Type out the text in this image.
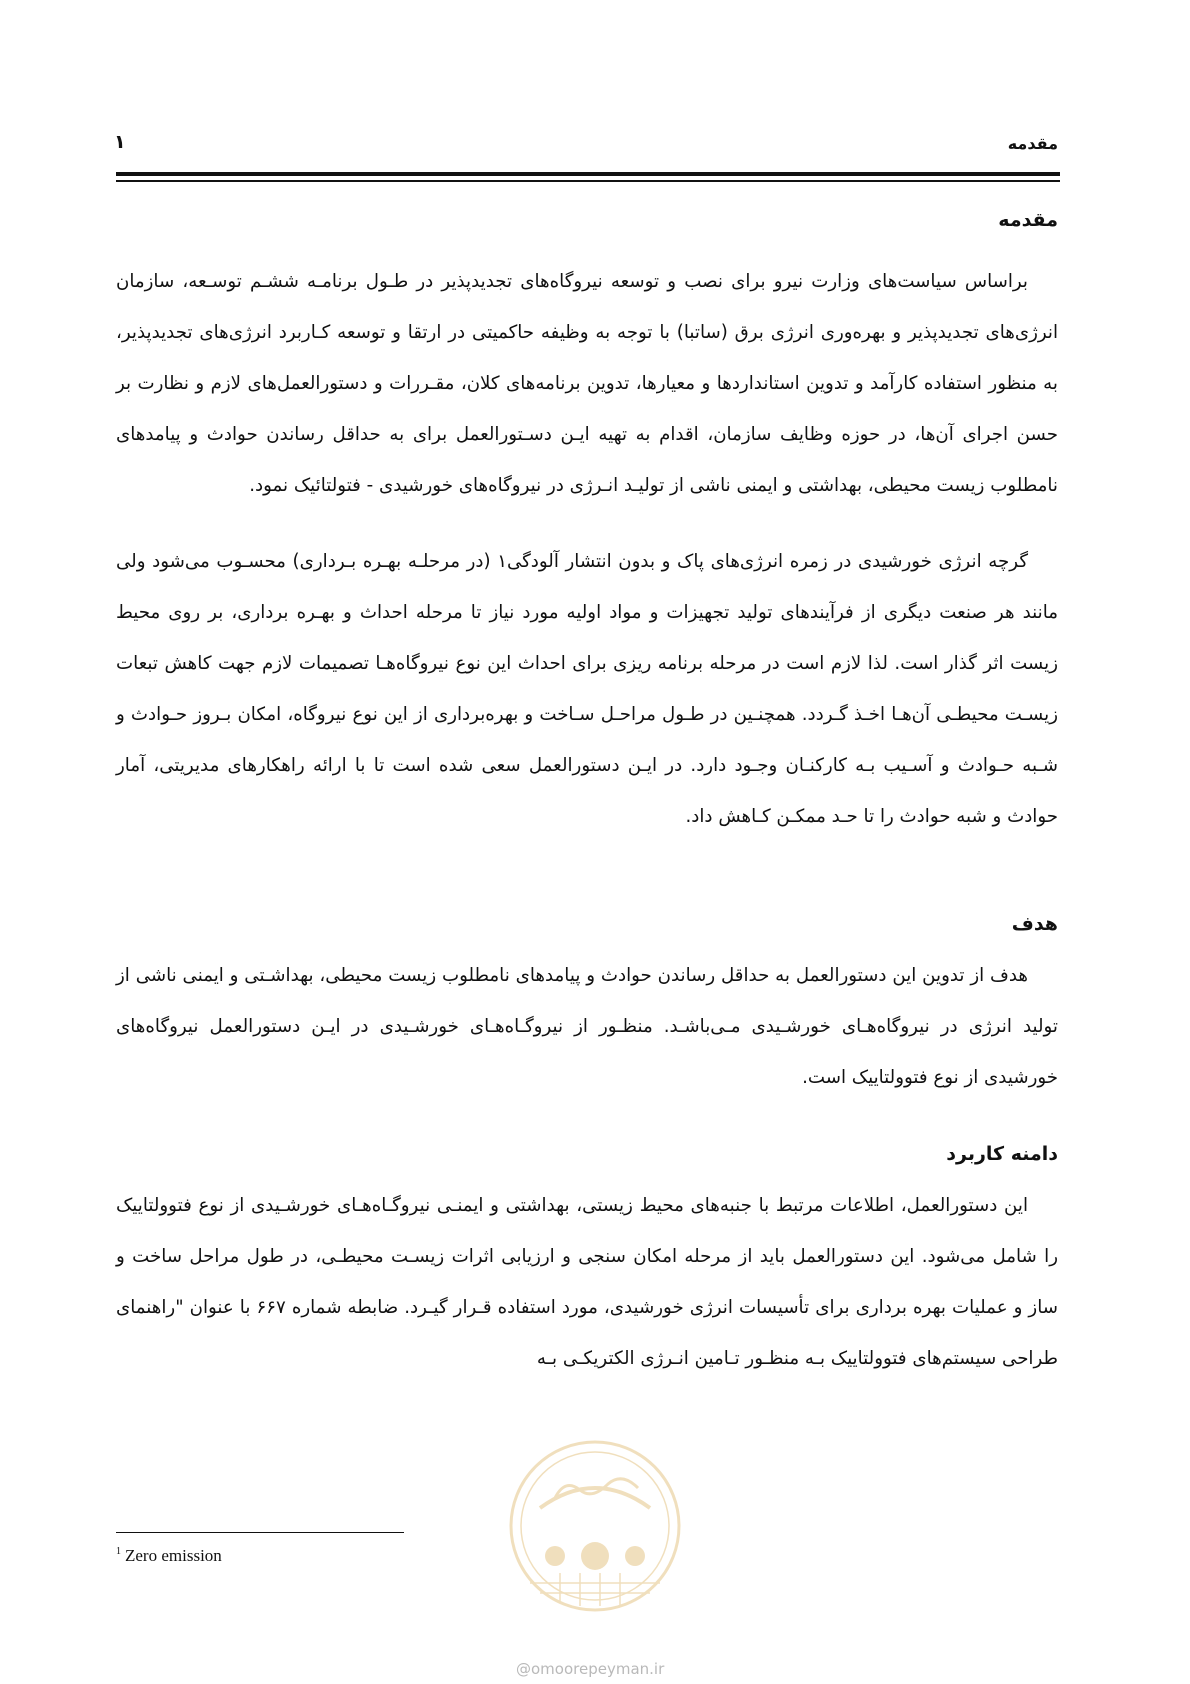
مقدمه
۱
مقدمه

براساس سیاست‌های وزارت نیرو برای نصب و توسعه نیروگاه‌های تجدیدپذیر در طـول برنامـه ششـم توسـعه، سازمان انرژی‌های تجدیدپذیر و بهره‌وری انرژی برق (ساتبا) با توجه به وظیفه حاکمیتی در ارتقا و توسعه کـاربرد انرژی‌های تجدیدپذیر، به منظور استفاده کارآمد و تدوین استانداردها و معیارها، تدوین برنامه‌های کلان، مقـررات و دستورالعمل‌های لازم و نظارت بر حسن اجرای آن‌ها، در حوزه وظایف سازمان، اقدام به تهیه ایـن دسـتورالعمل برای به حداقل رساندن حوادث و پیامدهای نامطلوب زیست محیطی، بهداشتی و ایمنی ناشی از تولیـد انـرژی در نیروگاه‌های خورشیدی - فتولتائیک نمود.

گرچه انرژی خورشیدی در زمره انرژی‌های پاک و بدون انتشار آلودگی۱ (در مرحلـه بهـره بـرداری) محسـوب می‌شود ولی مانند هر صنعت دیگری از فرآیندهای تولید تجهیزات و مواد اولیه مورد نیاز تا مرحله احداث و بهـره برداری، بر روی محیط زیست اثر گذار است. لذا لازم است در مرحله برنامه ریزی برای احداث این نوع نیروگاه‌هـا تصمیمات لازم جهت کاهش تبعات زیسـت محیطـی آن‌هـا اخـذ گـردد. همچنـین در طـول مراحـل سـاخت و بهره‌برداری از این نوع نیروگاه، امکان بـروز حـوادث و شـبه حـوادث و آسـیب بـه کارکنـان وجـود دارد. در ایـن دستورالعمل سعی شده است تا با ارائه راهکارهای مدیریتی، آمار حوادث و شبه حوادث را تا حـد ممکـن کـاهش داد.

هدف

هدف از تدوین این دستورالعمل به حداقل رساندن حوادث و پیامدهای نامطلوب زیست محیطی، بهداشـتی و ایمنی ناشی از تولید انرژی در نیروگاه‌هـای خورشـیدی مـی‌باشـد. منظـور از نیروگـاه‌هـای خورشـیدی در ایـن دستورالعمل نیروگاه‌های خورشیدی از نوع فتوولتاییک است.

دامنه کاربرد

این دستورالعمل، اطلاعات مرتبط با جنبه‌های محیط زیستی، بهداشتی و ایمنـی نیروگـاه‌هـای خورشـیدی از نوع فتوولتاییک را شامل می‌شود. این دستورالعمل باید از مرحله امکان سنجی و ارزیابی اثرات زیسـت محیطـی، در طول مراحل ساخت و ساز و عملیات بهره برداری برای تأسیسات انرژی خورشیدی، مورد استفاده قـرار گیـرد. ضابطه شماره ۶۶۷ با عنوان "راهنمای طراحی سیستم‌های فتوولتاییک بـه منظـور تـامین انـرژی الکتریکـی بـه

$^1$ Zero emission
@omoorepeyman.ir
